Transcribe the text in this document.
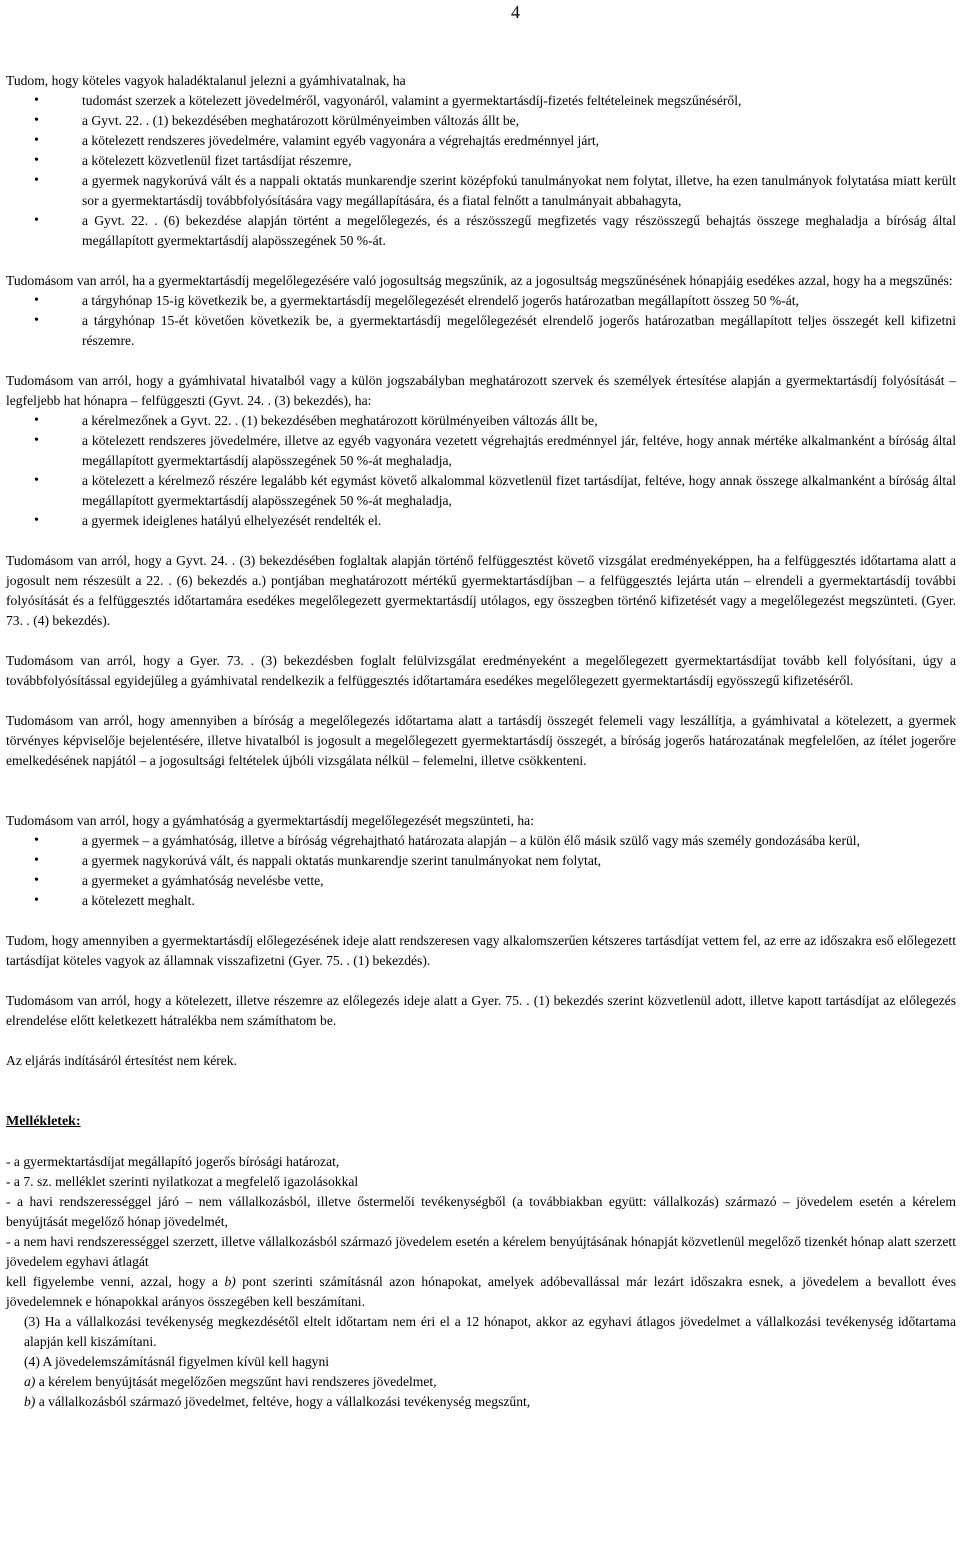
4

Tudom, hogy köteles vagyok haladéktalanul jelezni a gyámhivatalnak, ha

• tudomást szerzek a kötelezett jövedelméről, vagyonáról, valamint a gyermektartásdíj-fizetés feltételeinek megszűnéséről,
• a Gyvt. 22. . (1) bekezdésében meghatározott körülményeimben változás állt be,
• a kötelezett rendszeres jövedelmére, valamint egyéb vagyonára a végrehajtás eredménnyel járt,
• a kötelezett közvetlenül fizet tartásdíjat részemre,
• a gyermek nagykorúvá vált és a nappali oktatás munkarendje szerint középfokú tanulmányokat nem folytat, illetve, ha ezen tanulmányok folytatása miatt került sor a gyermektartásdíj továbbfolyósítására vagy megállapítására, és a fiatal felnőtt a tanulmányait abbahagyta,
• a Gyvt. 22. . (6) bekezdése alapján történt a megelőlegezés, és a részösszegű megfizetés vagy részösszegű behajtás összege meghaladja a bíróság által megállapított gyermektartásdíj alapösszegének 50 %-át.

Tudomásom van arról, ha a gyermektartásdíj megelőlegezésére való jogosultság megszűnik, az a jogosultság megszűnésének hónapjáig esedékes azzal, hogy ha a megszűnés:

• a tárgyhónap 15-ig következik be, a gyermektartásdíj megelőlegezését elrendelő jogerős határozatban megállapított összeg 50 %-át,
• a tárgyhónap 15-ét követően következik be, a gyermektartásdíj megelőlegezését elrendelő jogerős határozatban megállapított teljes összegét kell kifizetni részemre.

Tudomásom van arról, hogy a gyámhivatal hivatalból vagy a külön jogszabályban meghatározott szervek és személyek értesítése alapján a gyermektartásdíj folyósítását – legfeljebb hat hónapra – felfüggeszti (Gyvt. 24. . (3) bekezdés), ha:

• a kérelmezőnek a Gyvt. 22. . (1) bekezdésében meghatározott körülményeiben változás állt be,
• a kötelezett rendszeres jövedelmére, illetve az egyéb vagyonára vezetett végrehajtás eredménnyel jár, feltéve, hogy annak mértéke alkalmanként a bíróság által megállapított gyermektartásdíj alapösszegének 50 %-át meghaladja,
• a kötelezett a kérelmező részére legalább két egymást követő alkalommal közvetlenül fizet tartásdíjat, feltéve, hogy annak összege alkalmanként a bíróság által megállapított gyermektartásdíj alapösszegének 50 %-át meghaladja,
• a gyermek ideiglenes hatályú elhelyezését rendelték el.

Tudomásom van arról, hogy a Gyvt. 24. . (3) bekezdésében foglaltak alapján történő felfüggesztést követő vizsgálat eredményeképpen, ha a felfüggesztés időtartama alatt a jogosult nem részesült a 22. . (6) bekezdés a.) pontjában meghatározott mértékű gyermektartásdíjban – a felfüggesztés lejárta után – elrendeli a gyermektartásdíj további folyósítását és a felfüggesztés időtartamára esedékes megelőlegezett gyermektartásdíj utólagos, egy összegben történő kifizetését vagy a megelőlegezést megszünteti. (Gyer. 73. . (4) bekezdés).

Tudomásom van arról, hogy a Gyer. 73. . (3) bekezdésben foglalt felülvizsgálat eredményeként a megelőlegezett gyermektartásdíjat tovább kell folyósítani, úgy a továbbfolyósítással egyidejűleg a gyámhivatal rendelkezik a felfüggesztés időtartamára esedékes megelőlegezett gyermektartásdíj egyösszegű kifizetéséről.

Tudomásom van arról, hogy amennyiben a bíróság a megelőlegezés időtartama alatt a tartásdíj összegét felemeli vagy leszállítja, a gyámhivatal a kötelezett, a gyermek törvényes képviselője bejelentésére, illetve hivatalból is jogosult a megelőlegezett gyermektartásdíj összegét, a bíróság jogerős határozatának megfelelően, az ítélet jogerőre emelkedésének napjától – a jogosultsági feltételek újbóli vizsgálata nélkül – felemelni, illetve csökkenteni.

Tudomásom van arról, hogy a gyámhatóság a gyermektartásdíj megelőlegezését megszünteti, ha:

• a gyermek – a gyámhatóság, illetve a bíróság végrehajtható határozata alapján – a külön élő másik szülő vagy más személy gondozásába kerül,
• a gyermek nagykorúvá vált, és nappali oktatás munkarendje szerint tanulmányokat nem folytat,
• a gyermeket a gyámhatóság nevelésbe vette,
• a kötelezett meghalt.

Tudom, hogy amennyiben a gyermektartásdíj előlegezésének ideje alatt rendszeresen vagy alkalomszerűen kétszeres tartásdíjat vettem fel, az erre az időszakra eső előlegezett tartásdíjat köteles vagyok az államnak visszafizetni (Gyer. 75. . (1) bekezdés).

Tudomásom van arról, hogy a kötelezett, illetve részemre az előlegezés ideje alatt a Gyer. 75. . (1) bekezdés szerint közvetlenül adott, illetve kapott tartásdíjat az előlegezés elrendelése előtt keletkezett hátralékba nem számíthatom be.

Az eljárás indításáról értesítést nem kérek.

Mellékletek:

- a gyermektartásdíjat megállapító jogerős bírósági határozat,

- a 7. sz. melléklet szerinti nyilatkozat a megfelelő igazolásokkal

- a havi rendszerességgel járó – nem vállalkozásból, illetve őstermelői tevékenységből (a továbbiakban együtt: vállalkozás) származó – jövedelem esetén a kérelem benyújtását megelőző hónap jövedelmét,

- a nem havi rendszerességgel szerzett, illetve vállalkozásból származó jövedelem esetén a kérelem benyújtásának hónapját közvetlenül megelőző tizenkét hónap alatt szerzett jövedelem egyhavi átlagát

kell figyelembe venni, azzal, hogy a b) pont szerinti számításnál azon hónapokat, amelyek adóbevallással már lezárt időszakra esnek, a jövedelem a bevallott éves jövedelemnek e hónapokkal arányos összegében kell beszámítani.

(3) Ha a vállalkozási tevékenység megkezdésétől eltelt időtartam nem éri el a 12 hónapot, akkor az egyhavi átlagos jövedelmet a vállalkozási tevékenység időtartama alapján kell kiszámítani.

(4) A jövedelemszámításnál figyelmen kívül kell hagyni

a) a kérelem benyújtását megelőzően megszűnt havi rendszeres jövedelmet,

b) a vállalkozásból származó jövedelmet, feltéve, hogy a vállalkozási tevékenység megszűnt,
